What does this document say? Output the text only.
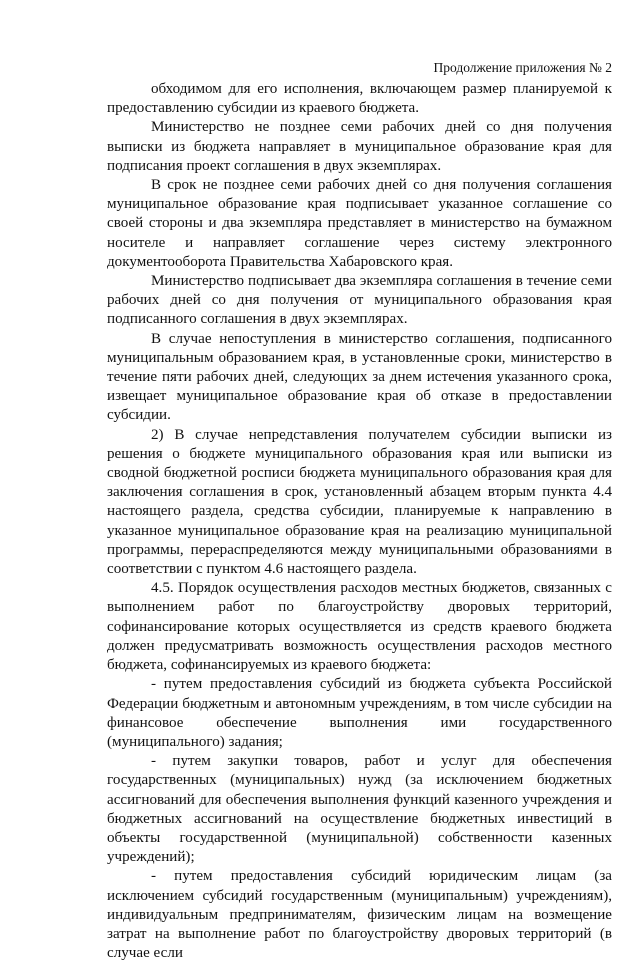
Продолжение приложения № 2

обходимом для его исполнения, включающем размер планируемой к предоставлению субсидии из краевого бюджета.

Министерство не позднее семи рабочих дней со дня получения выписки из бюджета направляет в муниципальное образование края для подписания проект соглашения в двух экземплярах.

В срок не позднее семи рабочих дней со дня получения соглашения муниципальное образование края подписывает указанное соглашение со своей стороны и два экземпляра представляет в министерство на бумажном носителе и направляет соглашение через систему электронного документооборота Правительства Хабаровского края.

Министерство подписывает два экземпляра соглашения в течение семи рабочих дней со дня получения от муниципального образования края подписанного соглашения в двух экземплярах.

В случае непоступления в министерство соглашения, подписанного муниципальным образованием края, в установленные сроки, министерство в течение пяти рабочих дней, следующих за днем истечения указанного срока, извещает муниципальное образование края об отказе в предоставлении субсидии.

2) В случае непредставления получателем субсидии выписки из решения о бюджете муниципального образования края или выписки из сводной бюджетной росписи бюджета муниципального образования края для заключения соглашения в срок, установленный абзацем вторым пункта 4.4 настоящего раздела, средства субсидии, планируемые к направлению в указанное муниципальное образование края на реализацию муниципальной программы, перераспределяются между муниципальными образованиями в соответствии с пунктом 4.6 настоящего раздела.

4.5. Порядок осуществления расходов местных бюджетов, связанных с выполнением работ по благоустройству дворовых территорий, софинансирование которых осуществляется из средств краевого бюджета должен предусматривать возможность осуществления расходов местного бюджета, софинансируемых из краевого бюджета:

- путем предоставления субсидий из бюджета субъекта Российской Федерации бюджетным и автономным учреждениям, в том числе субсидии на финансовое обеспечение выполнения ими государственного (муниципального) задания;

- путем закупки товаров, работ и услуг для обеспечения государственных (муниципальных) нужд (за исключением бюджетных ассигнований для обеспечения выполнения функций казенного учреждения и бюджетных ассигнований на осуществление бюджетных инвестиций в объекты государственной (муниципальной) собственности казенных учреждений);

- путем предоставления субсидий юридическим лицам (за исключением субсидий государственным (муниципальным) учреждениям), индивидуальным предпринимателям, физическим лицам на возмещение затрат на выполнение работ по благоустройству дворовых территорий (в случае если
